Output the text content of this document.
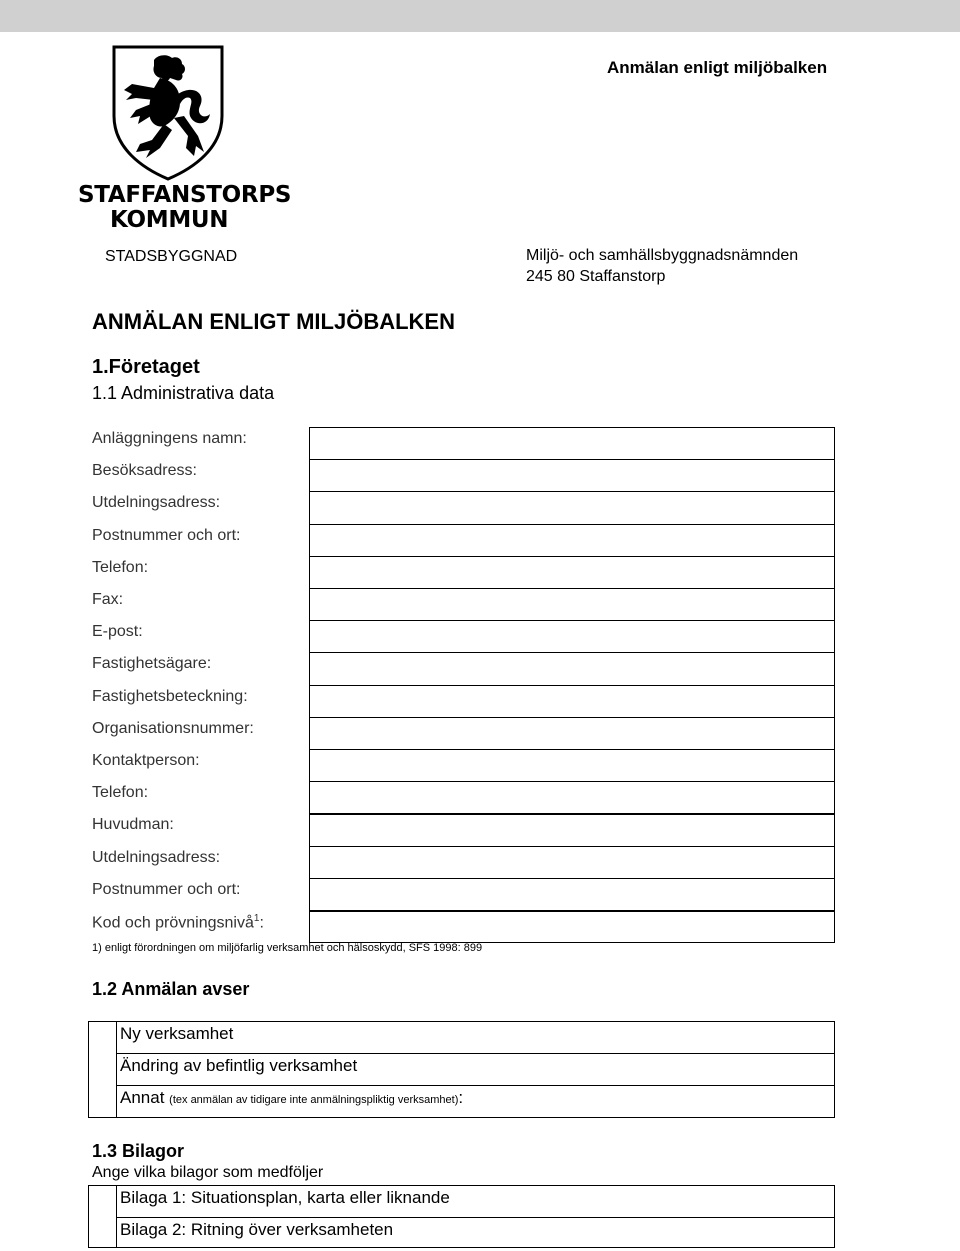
Anmälan enligt miljöbalken
STAFFANSTORPS
KOMMUN
STADSBYGGNAD	Miljö- och samhällsbyggnadsnämnden
245 80 Staffanstorp
ANMÄLAN ENLIGT MILJÖBALKEN
1.Företaget
1.1 Administrativa data
Anläggningens namn:
Besöksadress:
Utdelningsadress:
Postnummer och ort:
Telefon:
Fax:
E-post:
Fastighetsägare:
Fastighetsbeteckning:
Organisationsnummer:
Kontaktperson:
Telefon:
Huvudman:
Utdelningsadress:
Postnummer och ort:
Kod och prövningsnivå$^1$:
1) enligt förordningen om miljöfarlig verksamhet och hälsoskydd, SFS 1998: 899
1.2 Anmälan avser
Ny verksamhet
Ändring av befintlig verksamhet
Annat (tex anmälan av tidigare inte anmälningspliktig verksamhet):
1.3 Bilagor
Ange vilka bilagor som medföljer
Bilaga 1: Situationsplan, karta eller liknande
Bilaga 2: Ritning över verksamheten
